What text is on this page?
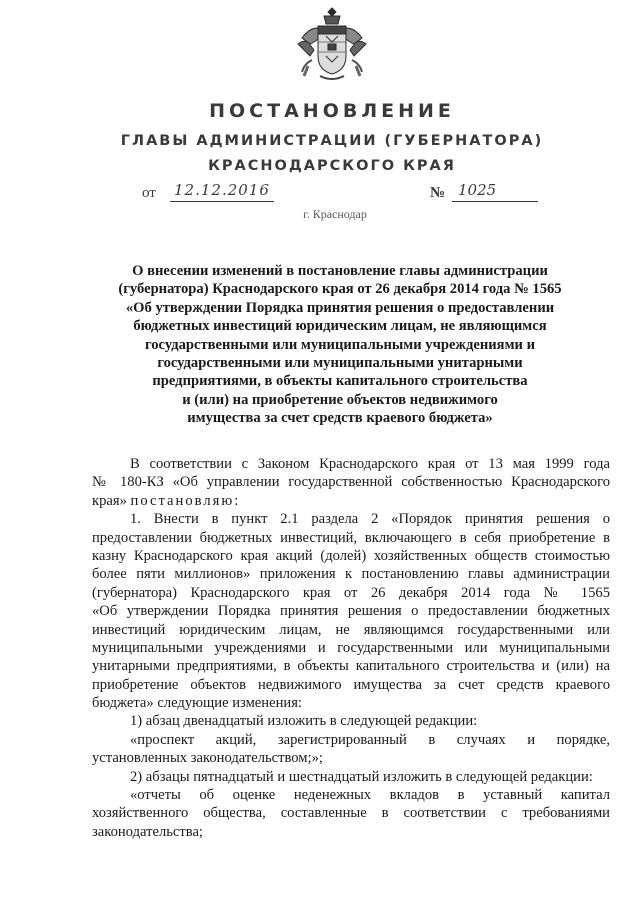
ПОСТАНОВЛЕНИЕ
ГЛАВЫ АДМИНИСТРАЦИИ (ГУБЕРНАТОРА)
КРАСНОДАРСКОГО КРАЯ
от 12.12.2016	№ 1025
г. Краснодар
О внесении изменений в постановление главы администрации
(губернатора) Краснодарского края от 26 декабря 2014 года № 1565
«Об утверждении Порядка принятия решения о предоставлении
бюджетных инвестиций юридическим лицам, не являющимся
государственными или муниципальными учреждениями и
государственными или муниципальными унитарными
предприятиями, в объекты капитального строительства
и (или) на приобретение объектов недвижимого
имущества за счет средств краевого бюджета»
В соответствии с Законом Краснодарского края от 13 мая 1999 года
№ 180-КЗ «Об управлении государственной собственностью Краснодарского
края» постановляю:
1. Внести в пункт 2.1 раздела 2 «Порядок принятия решения о
предоставлении бюджетных инвестиций, включающего в себя приобретение в
казну Краснодарского края акций (долей) хозяйственных обществ стоимостью
более пяти миллионов» приложения к постановлению главы администрации
(губернатора) Краснодарского края от 26 декабря 2014 года № 1565
«Об утверждении Порядка принятия решения о предоставлении бюджетных
инвестиций юридическим лицам, не являющимся государственными или
муниципальными учреждениями и государственными или муниципальными
унитарными предприятиями, в объекты капитального строительства и (или) на
приобретение объектов недвижимого имущества за счет средств краевого
бюджета» следующие изменения:
1) абзац двенадцатый изложить в следующей редакции:
«проспект акций, зарегистрированный в случаях и порядке,
установленных законодательством;»;
2) абзацы пятнадцатый и шестнадцатый изложить в следующей редакции:
«отчеты об оценке неденежных вкладов в уставный капитал
хозяйственного общества, составленные в соответствии с требованиями
законодательства;
